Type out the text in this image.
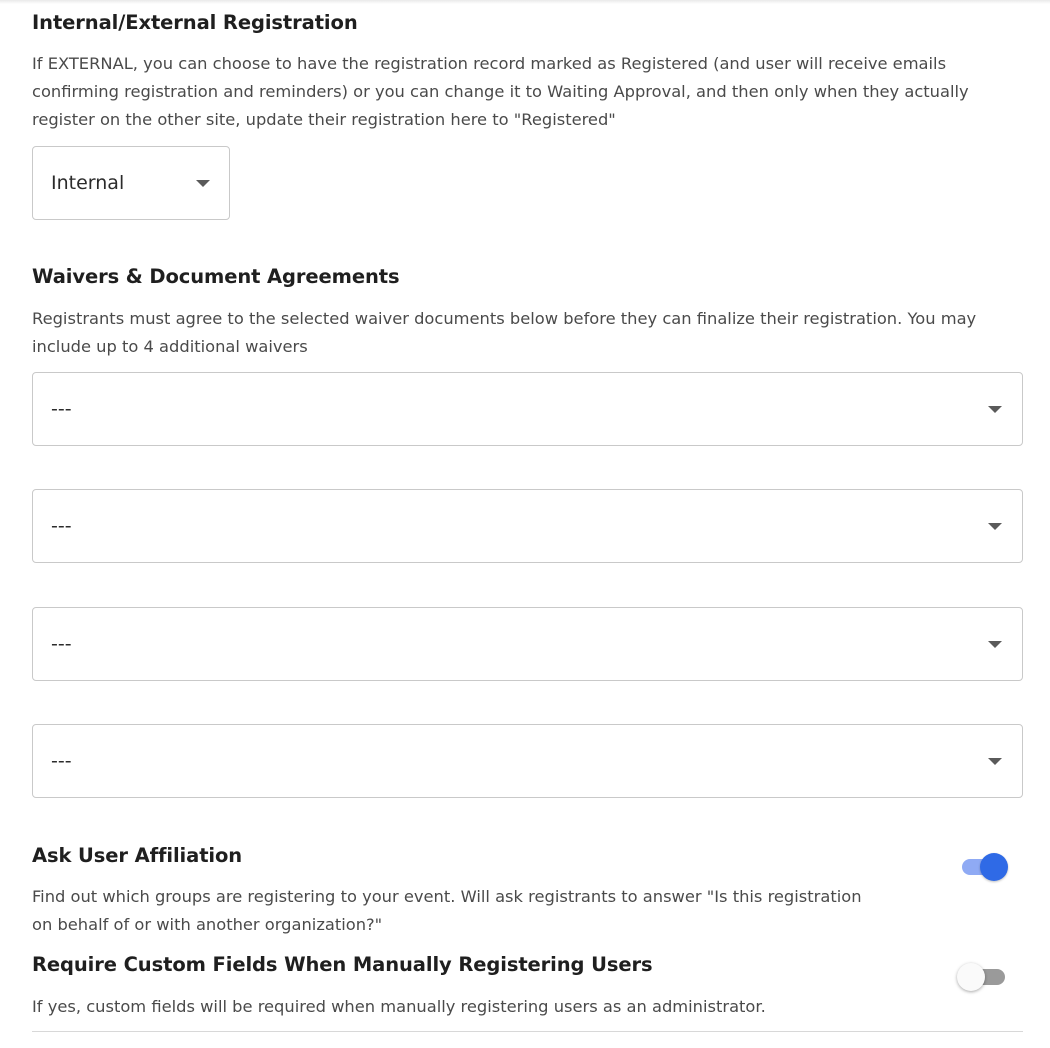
Internal/External Registration
If EXTERNAL, you can choose to have the registration record marked as Registered (and user will receive emails confirming registration and reminders) or you can change it to Waiting Approval, and then only when they actually register on the other site, update their registration here to "Registered"
Internal
Waivers & Document Agreements
Registrants must agree to the selected waiver documents below before they can finalize their registration. You may include up to 4 additional waivers
---
---
---
---
Ask User Affiliation
Find out which groups are registering to your event. Will ask registrants to answer "Is this registration on behalf of or with another organization?"
Require Custom Fields When Manually Registering Users
If yes, custom fields will be required when manually registering users as an administrator.
